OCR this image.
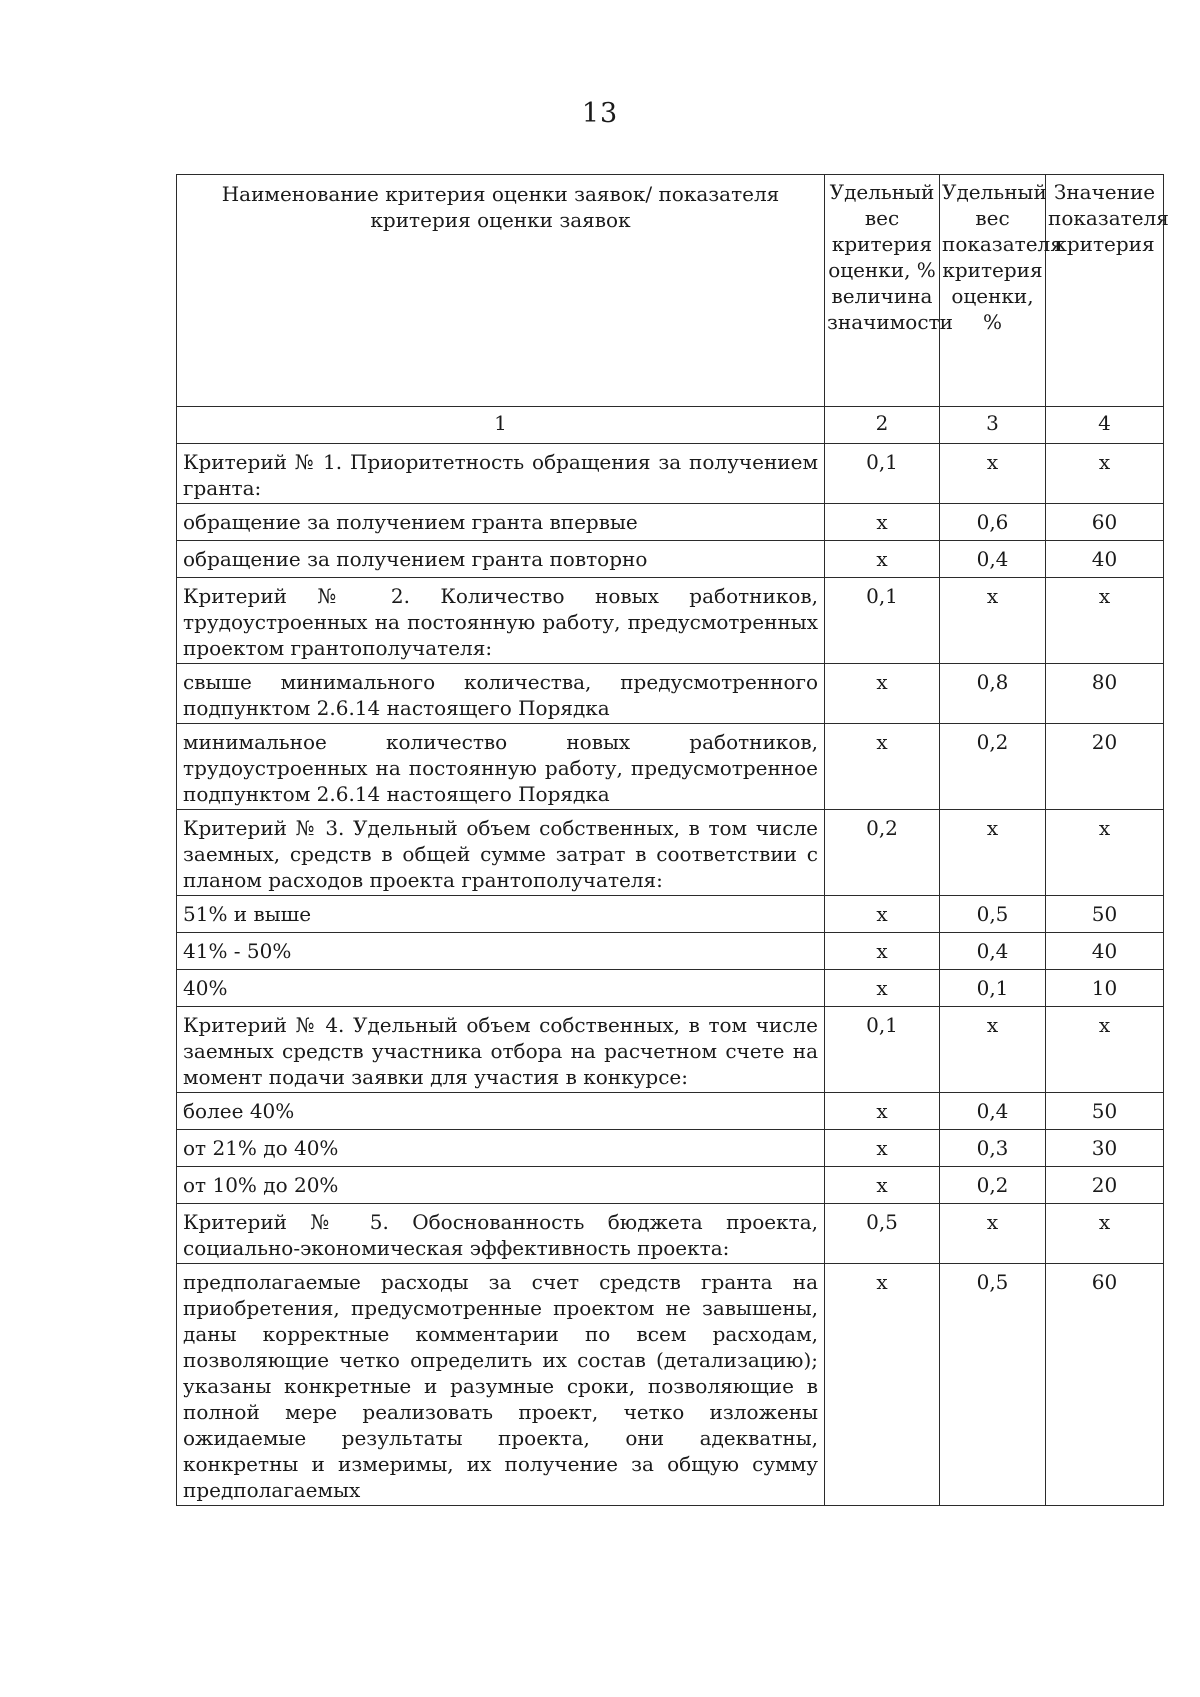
13
Наименование критерия оценки заявок/ показателя критерия оценки заявок	Удельный вес критерия оценки, % величина значимости	Удельный вес показателя критерия оценки, %	Значение показателя критерия
1	2	3	4
Критерий № 1. Приоритетность обращения за получением гранта:	0,1	х	х
обращение за получением гранта впервые	х	0,6	60
обращение за получением гранта повторно	х	0,4	40
Критерий № 2. Количество новых работников, трудоустроенных на постоянную работу, предусмотренных проектом грантополучателя:	0,1	х	х
свыше минимального количества, предусмотренного подпунктом 2.6.14 настоящего Порядка	х	0,8	80
минимальное количество новых работников, трудоустроенных на постоянную работу, предусмотренное подпунктом 2.6.14 настоящего Порядка	х	0,2	20
Критерий № 3. Удельный объем собственных, в том числе заемных, средств в общей сумме затрат в соответствии с планом расходов проекта грантополучателя:	0,2	х	х
51% и выше	х	0,5	50
41% - 50%	х	0,4	40
40%	х	0,1	10
Критерий № 4. Удельный объем собственных, в том числе заемных средств участника отбора на расчетном счете на момент подачи заявки для участия в конкурсе:	0,1	х	х
более 40%	х	0,4	50
от 21% до 40%	х	0,3	30
от 10% до 20%	х	0,2	20
Критерий № 5. Обоснованность бюджета проекта, социально-экономическая эффективность проекта:	0,5	х	х
предполагаемые расходы за счет средств гранта на приобретения, предусмотренные проектом не завышены, даны корректные комментарии по всем расходам, позволяющие четко определить их состав (детализацию); указаны конкретные и разумные сроки, позволяющие в полной мере реализовать проект, четко изложены ожидаемые результаты проекта, они адекватны, конкретны и измеримы, их получение за общую сумму предполагаемых	х	0,5	60
